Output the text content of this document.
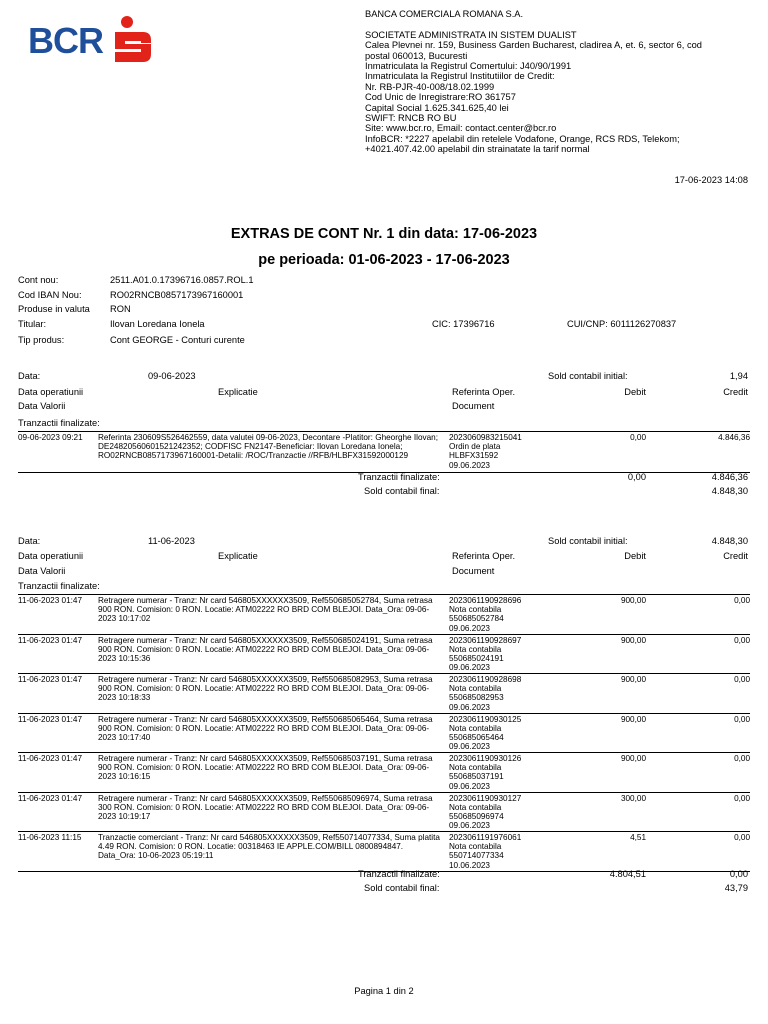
BCR
BANCA COMERCIALA ROMANA S.A.
SOCIETATE ADMINISTRATA IN SISTEM DUALIST
Calea Plevnei nr. 159, Business Garden Bucharest, cladirea A, et. 6, sector 6, cod
postal 060013, Bucuresti
Inmatriculata la Registrul Comertului: J40/90/1991
Inmatriculata la Registrul Institutiilor de Credit:
Nr. RB-PJR-40-008/18.02.1999
Cod Unic de Inregistrare:RO 361757
Capital Social 1.625.341.625,40 lei
SWIFT: RNCB RO BU
Site: www.bcr.ro, Email: contact.center@bcr.ro
InfoBCR: *2227 apelabil din retelele Vodafone, Orange, RCS RDS, Telekom;
+4021.407.42.00 apelabil din strainatate la tarif normal
17-06-2023 14:08
EXTRAS DE CONT Nr. 1 din data: 17-06-2023
pe perioada: 01-06-2023 - 17-06-2023
Cont nou:	2511.A01.0.17396716.0857.ROL.1
Cod IBAN Nou:	RO02RNCB0857173967160001
Produse in valuta RON
Titular:	Ilovan Loredana Ionela	CIC: 17396716	CUI/CNP: 6011126270837
Tip produs:	Cont GEORGE - Conturi curente
Data:	09-06-2023	Sold contabil initial:	1,94
Data operatiunii	Explicatie	Referinta Oper.	Debit	Credit
Data Valorii	Document
Tranzactii finalizate:
09-06-2023 09:21 Referinta 230609S526462559, data valutei 09-06-2023, Decontare -Platitor: Gheorghe Ilovan; DE24820560601521242352; CODFISC FN2147-Beneficiar: Ilovan Loredana Ionela; RO02RNCB0857173967160001-Detalii: /ROC/Tranzactie //RFB/HLBFX31592000129
2023060983215041
Ordin de plata
HLBFX31592
09.06.2023
0,00	4.846,36
Tranzactii finalizate:	0,00	4.846,36
Sold contabil final:	4.848,30
Data:	11-06-2023	Sold contabil initial:	4.848,30
Data operatiunii	Explicatie	Referinta Oper.	Debit	Credit
Data Valorii	Document
Tranzactii finalizate:
11-06-2023 01:47 Retragere numerar - Tranz: Nr card 546805XXXXXX3509, Ref550685052784, Suma retrasa 900 RON. Comision: 0 RON. Locatie: ATM02222 RO BRD COM BLEJOI. Data_Ora: 09-06-2023 10:17:02
2023061190928696
Nota contabila
550685052784
09.06.2023
900,00	0,00
11-06-2023 01:47 Retragere numerar - Tranz: Nr card 546805XXXXXX3509, Ref550685024191, Suma retrasa 900 RON. Comision: 0 RON. Locatie: ATM02222 RO BRD COM BLEJOI. Data_Ora: 09-06-2023 10:15:36
2023061190928697
Nota contabila
550685024191
09.06.2023
900,00	0,00
11-06-2023 01:47 Retragere numerar - Tranz: Nr card 546805XXXXXX3509, Ref550685082953, Suma retrasa 900 RON. Comision: 0 RON. Locatie: ATM02222 RO BRD COM BLEJOI. Data_Ora: 09-06-2023 10:18:33
2023061190928698
Nota contabila
550685082953
09.06.2023
900,00	0,00
11-06-2023 01:47 Retragere numerar - Tranz: Nr card 546805XXXXXX3509, Ref550685065464, Suma retrasa 900 RON. Comision: 0 RON. Locatie: ATM02222 RO BRD COM BLEJOI. Data_Ora: 09-06-2023 10:17:40
2023061190930125
Nota contabila
550685065464
09.06.2023
900,00	0,00
11-06-2023 01:47 Retragere numerar - Tranz: Nr card 546805XXXXXX3509, Ref550685037191, Suma retrasa 900 RON. Comision: 0 RON. Locatie: ATM02222 RO BRD COM BLEJOI. Data_Ora: 09-06-2023 10:16:15
2023061190930126
Nota contabila
550685037191
09.06.2023
900,00	0,00
11-06-2023 01:47 Retragere numerar - Tranz: Nr card 546805XXXXXX3509, Ref550685096974, Suma retrasa 300 RON. Comision: 0 RON. Locatie: ATM02222 RO BRD COM BLEJOI. Data_Ora: 09-06-2023 10:19:17
2023061190930127
Nota contabila
550685096974
09.06.2023
300,00	0,00
11-06-2023 11:15 Tranzactie comerciant - Tranz: Nr card 546805XXXXXX3509, Ref550714077334, Suma platita 4.49 RON. Comision: 0 RON. Locatie: 00318463 IE APPLE.COM/BILL 0800894847. Data_Ora: 10-06-2023 05:19:11
2023061191976061
Nota contabila
550714077334
10.06.2023
4,51	0,00
Tranzactii finalizate:	4.804,51	0,00
Sold contabil final:	43,79
Pagina 1 din 2
